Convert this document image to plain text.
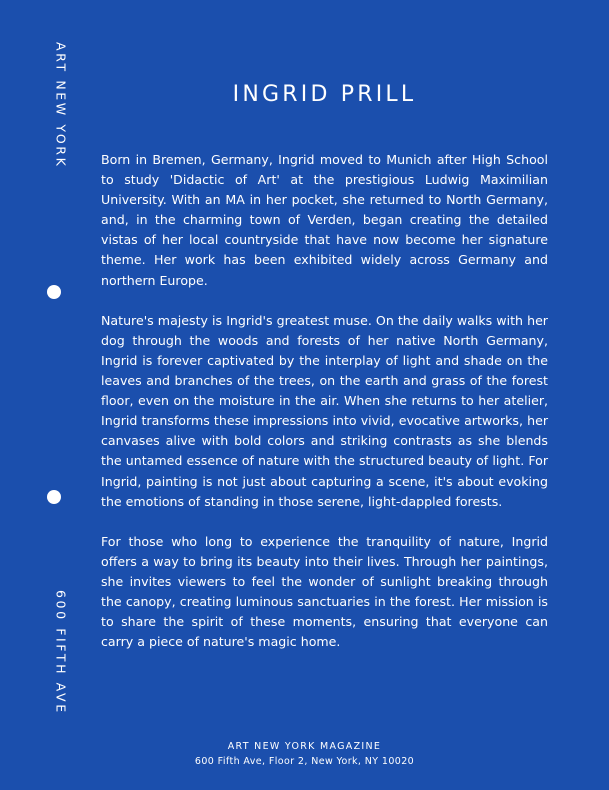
ART NEW YORK
600 FIFTH AVE
INGRID PRILL

Born in Bremen, Germany, Ingrid moved to Munich after High School to study 'Didactic of Art' at the prestigious Ludwig Maximilian University. With an MA in her pocket, she returned to North Germany, and, in the charming town of Verden, began creating the detailed vistas of her local countryside that have now become her signature theme. Her work has been exhibited widely across Germany and northern Europe.

Nature's majesty is Ingrid's greatest muse. On the daily walks with her dog through the woods and forests of her native North Germany, Ingrid is forever captivated by the interplay of light and shade on the leaves and branches of the trees, on the earth and grass of the forest floor, even on the moisture in the air. When she returns to her atelier, Ingrid transforms these impressions into vivid, evocative artworks, her canvases alive with bold colors and striking contrasts as she blends the untamed essence of nature with the structured beauty of light. For Ingrid, painting is not just about capturing a scene, it's about evoking the emotions of standing in those serene, light-dappled forests.

For those who long to experience the tranquility of nature, Ingrid offers a way to bring its beauty into their lives. Through her paintings, she invites viewers to feel the wonder of sunlight breaking through the canopy, creating luminous sanctuaries in the forest. Her mission is to share the spirit of these moments, ensuring that everyone can carry a piece of nature's magic home.

ART NEW YORK MAGAZINE
600 Fifth Ave, Floor 2, New York, NY 10020
